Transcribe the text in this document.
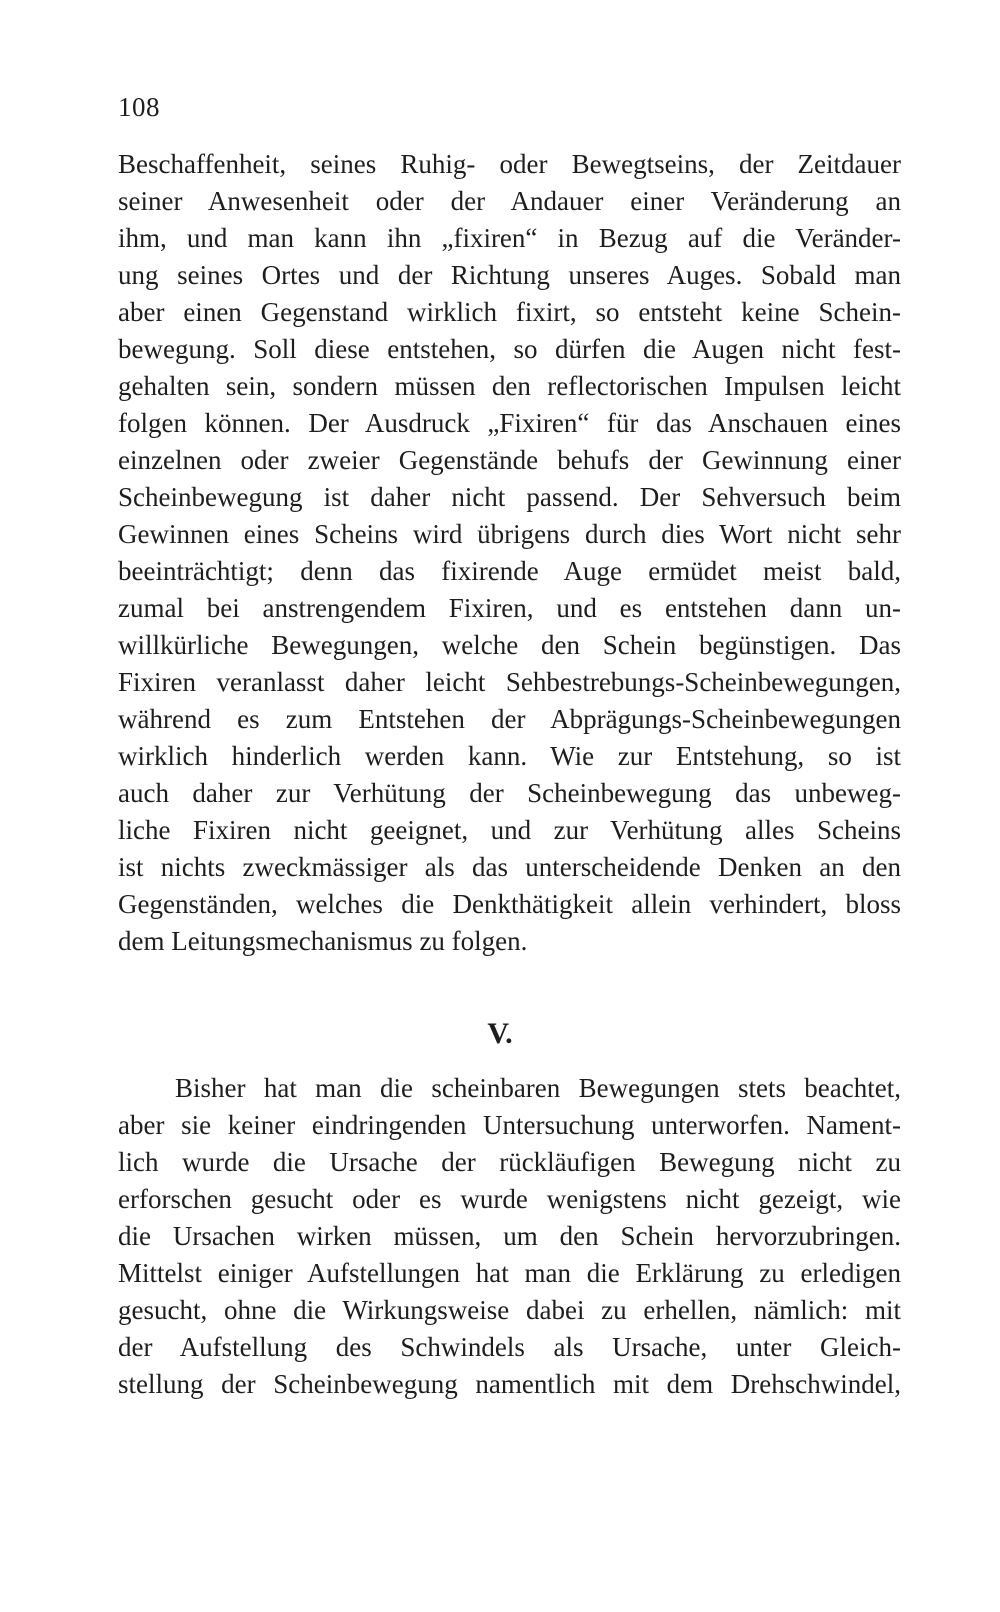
108
Beschaffenheit, seines Ruhig- oder Bewegtseins, der Zeitdauer
seiner Anwesenheit oder der Andauer einer Veränderung an
ihm, und man kann ihn „fixiren“ in Bezug auf die Veränder-
ung seines Ortes und der Richtung unseres Auges. Sobald man
aber einen Gegenstand wirklich fixirt, so entsteht keine Schein-
bewegung. Soll diese entstehen, so dürfen die Augen nicht fest-
gehalten sein, sondern müssen den reflectorischen Impulsen leicht
folgen können. Der Ausdruck „Fixiren“ für das Anschauen eines
einzelnen oder zweier Gegenstände behufs der Gewinnung einer
Scheinbewegung ist daher nicht passend. Der Sehversuch beim
Gewinnen eines Scheins wird übrigens durch dies Wort nicht sehr
beeinträchtigt; denn das fixirende Auge ermüdet meist bald,
zumal bei anstrengendem Fixiren, und es entstehen dann un-
willkürliche Bewegungen, welche den Schein begünstigen. Das
Fixiren veranlasst daher leicht Sehbestrebungs-Scheinbewegungen,
während es zum Entstehen der Abprägungs-Scheinbewegungen
wirklich hinderlich werden kann. Wie zur Entstehung, so ist
auch daher zur Verhütung der Scheinbewegung das unbeweg-
liche Fixiren nicht geeignet, und zur Verhütung alles Scheins
ist nichts zweckmässiger als das unterscheidende Denken an den
Gegenständen, welches die Denkthätigkeit allein verhindert, bloss
dem Leitungsmechanismus zu folgen.
V.
Bisher hat man die scheinbaren Bewegungen stets beachtet,
aber sie keiner eindringenden Untersuchung unterworfen. Nament-
lich wurde die Ursache der rückläufigen Bewegung nicht zu
erforschen gesucht oder es wurde wenigstens nicht gezeigt, wie
die Ursachen wirken müssen, um den Schein hervorzubringen.
Mittelst einiger Aufstellungen hat man die Erklärung zu erledigen
gesucht, ohne die Wirkungsweise dabei zu erhellen, nämlich: mit
der Aufstellung des Schwindels als Ursache, unter Gleich-
stellung der Scheinbewegung namentlich mit dem Drehschwindel,
